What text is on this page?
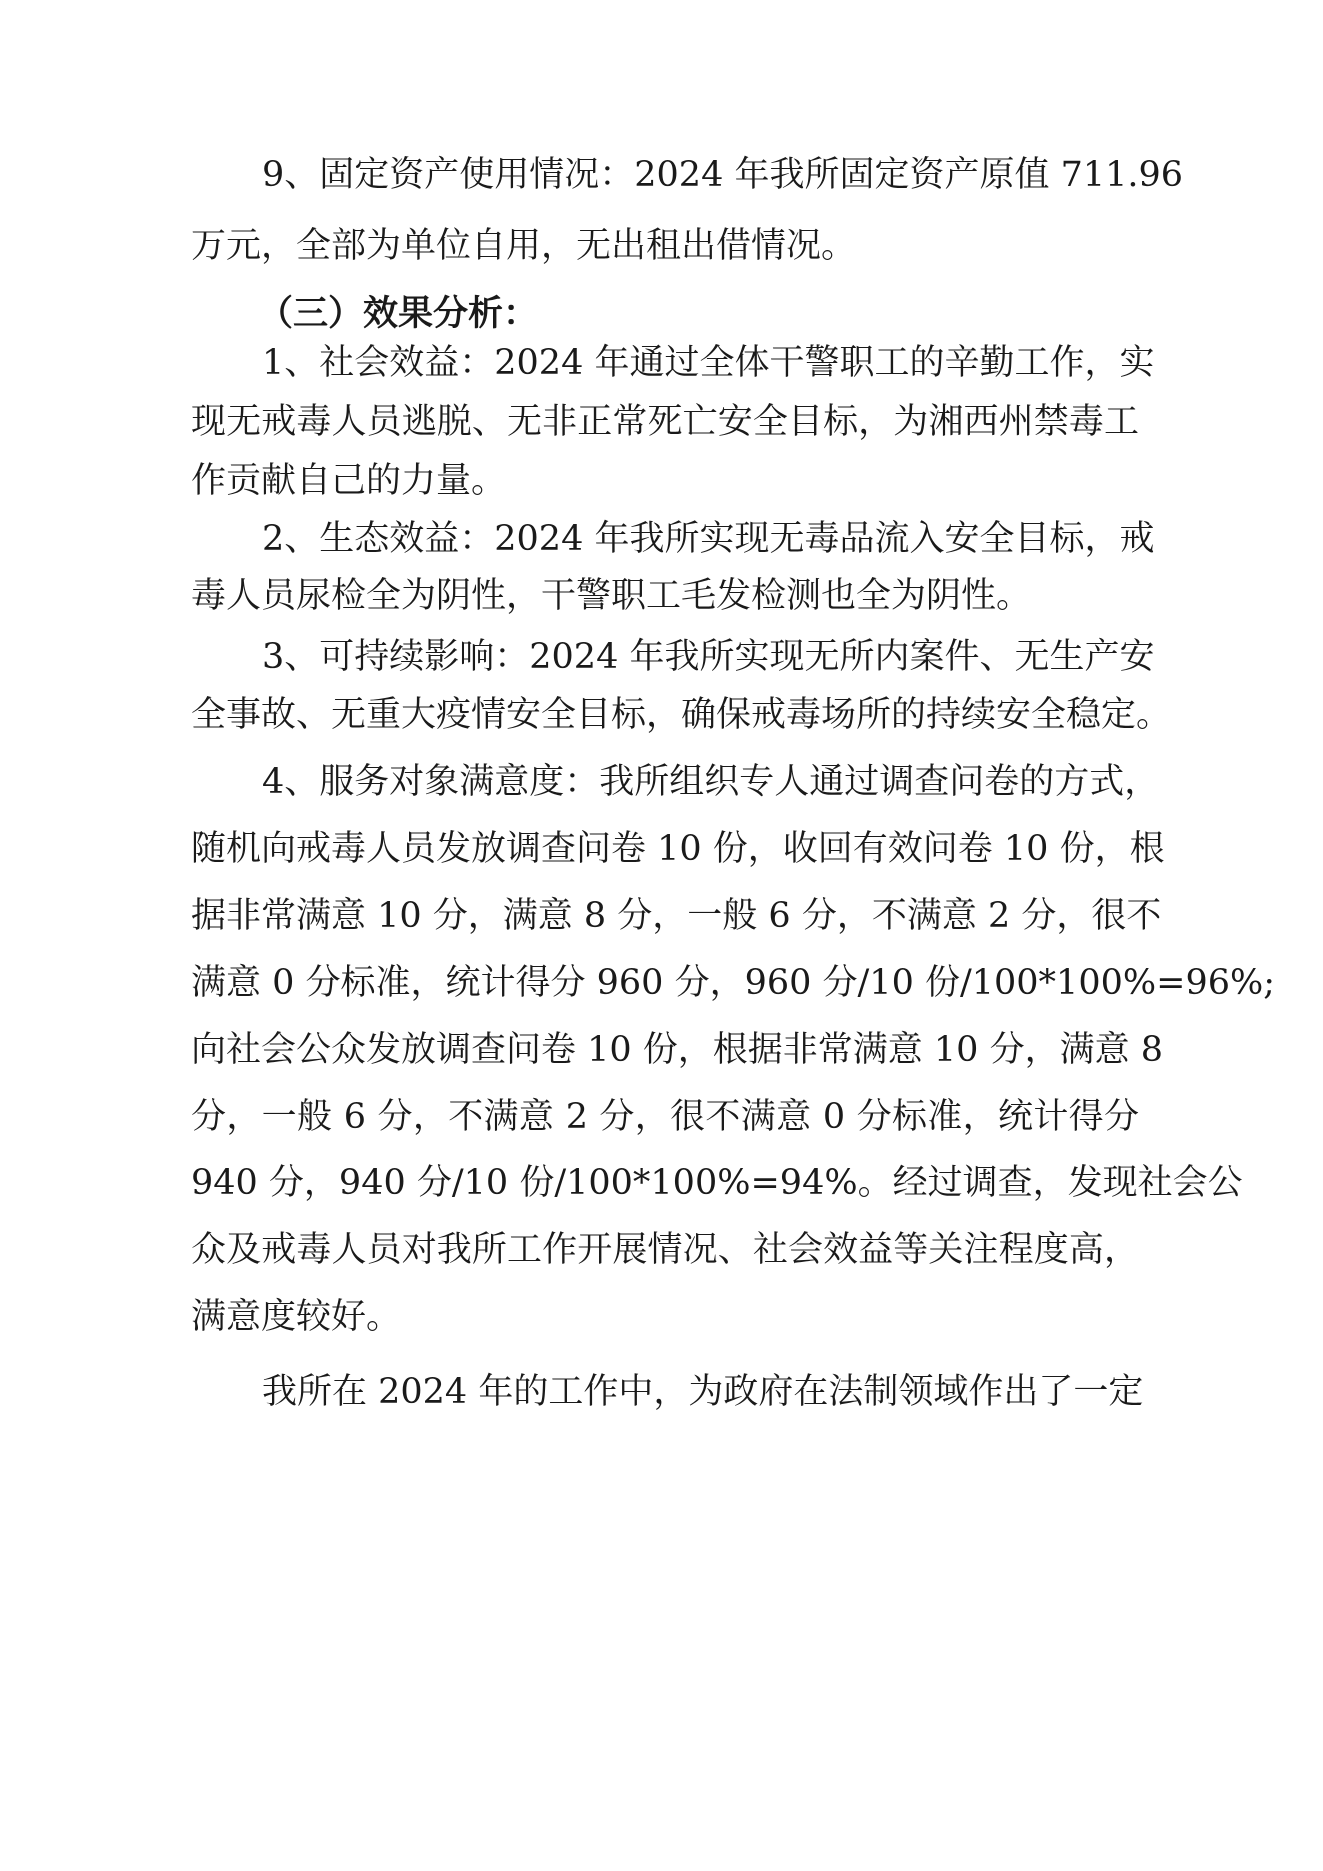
9、固定资产使用情况：2024 年我所固定资产原值 711.96
万元，全部为单位自用，无出租出借情况。
（三）效果分析：
1、社会效益：2024 年通过全体干警职工的辛勤工作，实
现无戒毒人员逃脱、无非正常死亡安全目标，为湘西州禁毒工
作贡献自己的力量。
2、生态效益：2024 年我所实现无毒品流入安全目标，戒
毒人员尿检全为阴性，干警职工毛发检测也全为阴性。
3、可持续影响：2024 年我所实现无所内案件、无生产安
全事故、无重大疫情安全目标，确保戒毒场所的持续安全稳定。
4、服务对象满意度：我所组织专人通过调查问卷的方式，
随机向戒毒人员发放调查问卷 10 份，收回有效问卷 10 份，根
据非常满意 10 分，满意 8 分，一般 6 分，不满意 2 分，很不
满意 0 分标准，统计得分 960 分，960 分/10 份/100*100%=96%;
向社会公众发放调查问卷 10 份，根据非常满意 10 分，满意 8
分，一般 6 分，不满意 2 分，很不满意 0 分标准，统计得分
940 分，940 分/10 份/100*100%=94%。经过调查，发现社会公
众及戒毒人员对我所工作开展情况、社会效益等关注程度高，
满意度较好。
我所在 2024 年的工作中，为政府在法制领域作出了一定
